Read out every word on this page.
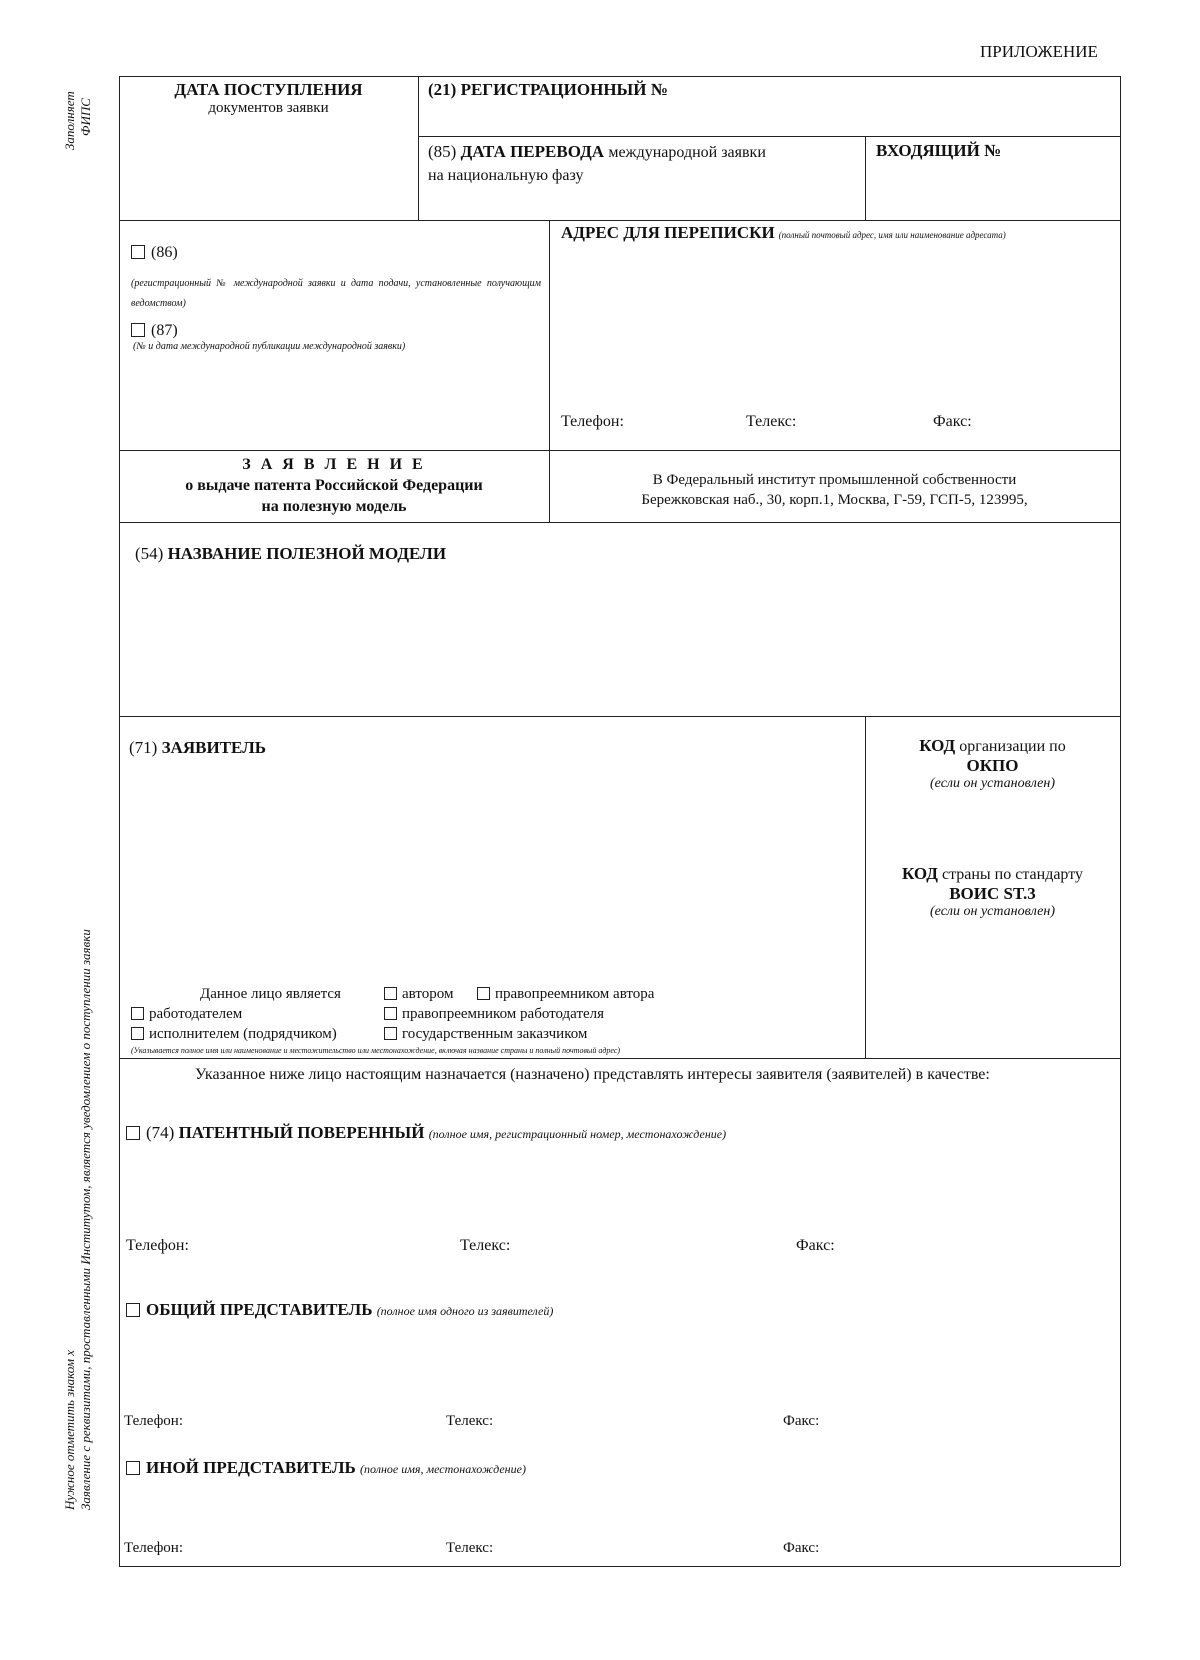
ПРИЛОЖЕНИЕ
Заполняет
ФИПС
Нужное отметить знаком x
Заявление с реквизитами, проставленными Институтом, является уведомлением о поступлении заявки
ДАТА ПОСТУПЛЕНИЯ
документов заявки
(21) РЕГИСТРАЦИОННЫЙ №
(85) ДАТА ПЕРЕВОДА международной заявки
на национальную фазу
ВХОДЯЩИЙ №
(86)
(регистрационный № международной заявки и дата подачи, установленные получающим ведомством)
(87)
(№ и дата международной публикации международной заявки)
АДРЕС ДЛЯ ПЕРЕПИСКИ (полный почтовый адрес, имя или наименование адресата)
Телефон:	Телекс:	Факс:
З А Я В Л Е Н И Е
о выдаче патента Российской Федерации
на полезную модель
В Федеральный институт промышленной собственности
Бережковская наб., 30, корп.1, Москва, Г-59, ГСП-5, 123995,
(54) НАЗВАНИЕ ПОЛЕЗНОЙ МОДЕЛИ
(71) ЗАЯВИТЕЛЬ
Данное лицо является	автором	правопреемником автора
работодателем	правопреемником работодателя
исполнителем (подрядчиком)	государственным заказчиком
(Указывается полное имя или наименование и местожительство или местонахождение, включая название страны и полный почтовый адрес)
КОД организации по
ОКПО
(если он установлен)
КОД страны по стандарту
ВОИС ST.3
(если он установлен)
Указанное ниже лицо настоящим назначается (назначено) представлять интересы заявителя (заявителей) в качестве:
(74) ПАТЕНТНЫЙ ПОВЕРЕННЫЙ (полное имя, регистрационный номер, местонахождение)
Телефон:	Телекс:	Факс:
ОБЩИЙ ПРЕДСТАВИТЕЛЬ (полное имя одного из заявителей)
Телефон:	Телекс:	Факс:
ИНОЙ ПРЕДСТАВИТЕЛЬ (полное имя, местонахождение)
Телефон:	Телекс:	Факс:
